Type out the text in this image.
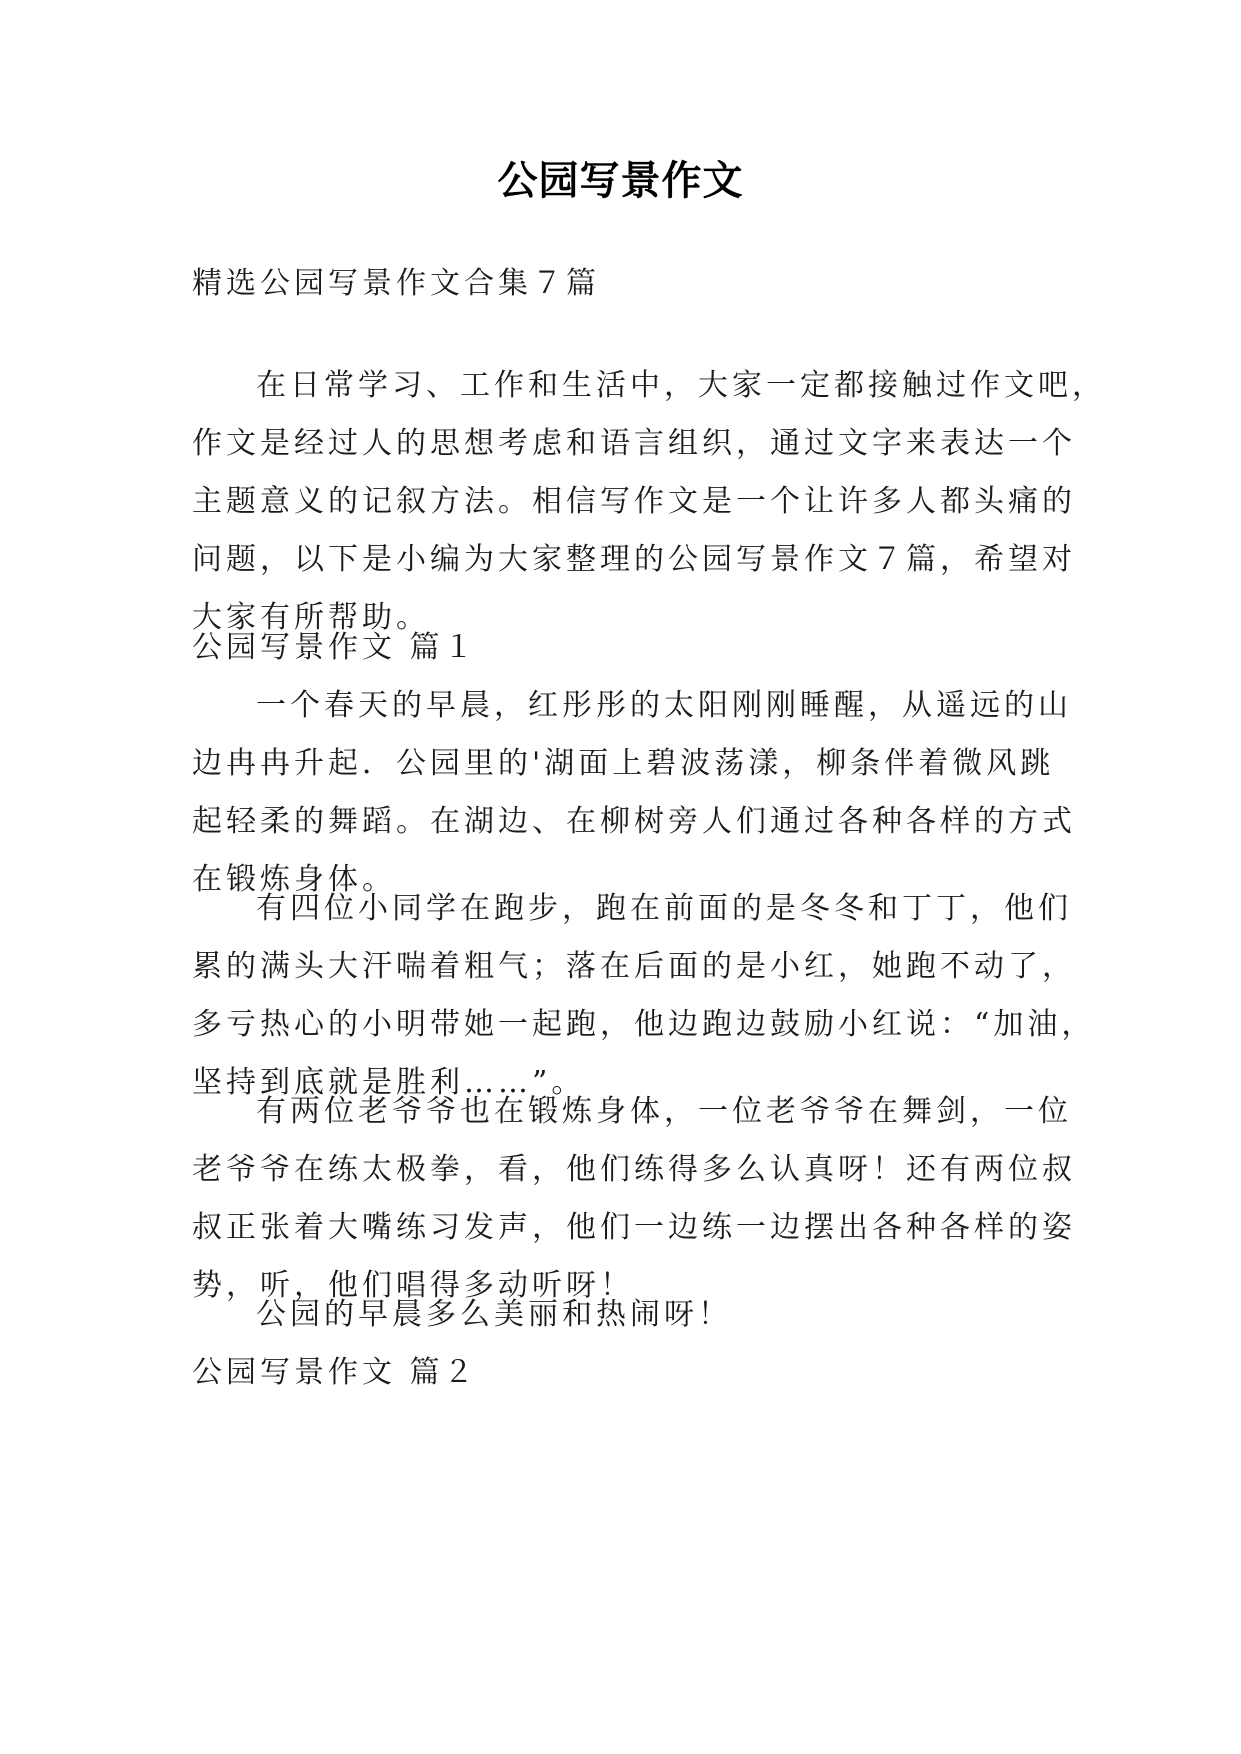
公园写景作文
精选公园写景作文合集７篇
在日常学习、工作和生活中，大家一定都接触过作文吧，
作文是经过人的思想考虑和语言组织，通过文字来表达一个
主题意义的记叙方法。相信写作文是一个让许多人都头痛的
问题，以下是小编为大家整理的公园写景作文７篇，希望对
大家有所帮助。
公园写景作文 篇１
一个春天的早晨，红彤彤的太阳刚刚睡醒，从遥远的山
边冉冉升起．公园里的'湖面上碧波荡漾，柳条伴着微风跳
起轻柔的舞蹈。在湖边、在柳树旁人们通过各种各样的方式
在锻炼身体。
有四位小同学在跑步，跑在前面的是冬冬和丁丁，他们
累的满头大汗喘着粗气；落在后面的是小红，她跑不动了，
多亏热心的小明带她一起跑，他边跑边鼓励小红说：“加油，
坚持到底就是胜利……”。
有两位老爷爷也在锻炼身体，一位老爷爷在舞剑，一位
老爷爷在练太极拳，看，他们练得多么认真呀！还有两位叔
叔正张着大嘴练习发声，他们一边练一边摆出各种各样的姿
势，听，他们唱得多动听呀！
公园的早晨多么美丽和热闹呀！
公园写景作文 篇２
